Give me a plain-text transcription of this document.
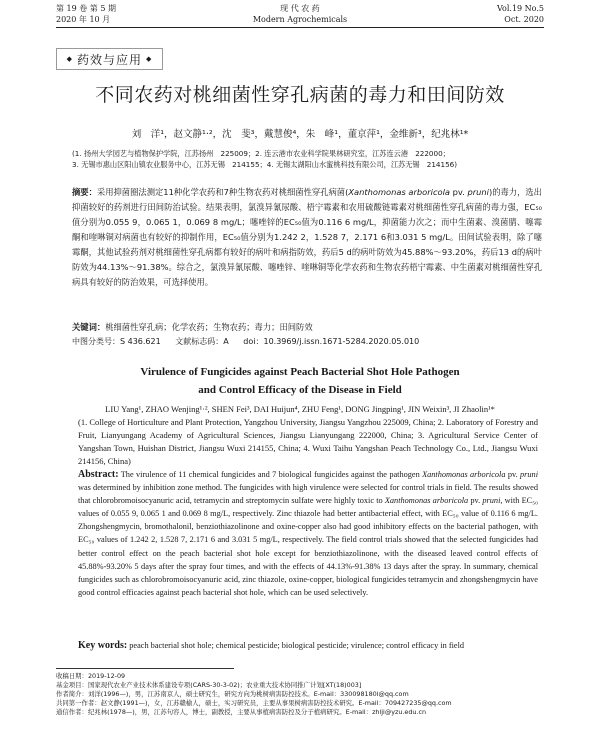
第 19 卷 第 5 期	现 代 农 药	Vol.19 No.5
2020 年 10 月	Modern Agrochemicals	Oct. 2020
◆ 药效与应用 ◆
不同农药对桃细菌性穿孔病菌的毒力和田间防效
刘　洋¹，赵文静¹·²，沈　斐³，戴慧俊⁴，朱　峰¹，董京萍¹，金维新³，纪兆林¹*
(1. 扬州大学园艺与植物保护学院，江苏扬州　225009；2. 连云港市农业科学院果林研究室，江苏连云港　222000；
3. 无锡市惠山区阳山镇农业服务中心，江苏无锡　214155；4. 无锡太湖阳山水蜜桃科技有限公司，江苏无锡　214156)

摘要：采用抑菌圈法测定11种化学农药和7种生物农药对桃细菌性穿孔病菌(Xanthomonas arboricola pv. pruni)的毒力，选出抑菌较好的药剂进行田间防治试验。结果表明，氯溴异氰尿酸、梧宁霉素和农用硫酸链霉素对桃细菌性穿孔病菌的毒力强，EC₅₀值分别为0.055 9，0.065 1，0.069 8 mg/L；噻唑锌的EC₅₀值为0.116 6 mg/L，抑菌能力次之；而中生菌素、溴菌腈、噻霉酮和喹啉铜对病菌也有较好的抑制作用，EC₅₀值分别为1.242 2，1.528 7，2.171 6和3.031 5 mg/L。田间试验表明，除了噻霉酮，其他试验药剂对桃细菌性穿孔病都有较好的病叶和病指防效，药后5 d的病叶防效为45.88%～93.20%，药后13 d的病叶防效为44.13%～91.38%。综合之，氯溴异氰尿酸、噻唑锌、喹啉铜等化学农药和生物农药梧宁霉素、中生菌素对桃细菌性穿孔病具有较好的防治效果，可选择使用。

关键词：桃细菌性穿孔病；化学农药；生物农药；毒力；田间防效
中图分类号：S 436.621 文献标志码：A doi：10.3969/j.issn.1671-5284.2020.05.010
Virulence of Fungicides against Peach Bacterial Shot Hole Pathogen
and Control Efficacy of the Disease in Field
LIU Yang¹, ZHAO Wenjing¹·², SHEN Fei³, DAI Huijun⁴, ZHU Feng¹, DONG Jingping¹, JIN Weixin³, JI Zhaolin¹*
(1. College of Horticulture and Plant Protection, Yangzhou University, Jiangsu Yangzhou 225009, China; 2. Laboratory of Forestry and Fruit, Lianyungang Academy of Agricultural Sciences, Jiangsu Lianyungang 222000, China; 3. Agricultural Service Center of Yangshan Town, Huishan District, Jiangsu Wuxi 214155, China; 4. Wuxi Taihu Yangshan Peach Technology Co., Ltd., Jiangsu Wuxi 214156, China)
Abstract: The virulence of 11 chemical fungicides and 7 biological fungicides against the pathogen Xanthomonas arboricola pv. pruni was determined by inhibition zone method. The fungicides with high virulence were selected for control trials in field. The results showed that chlorobromoisocyanuric acid, tetramycin and streptomycin sulfate were highly toxic to Xanthomonas arboricola pv. pruni, with EC₅₀ values of 0.055 9, 0.065 1 and 0.069 8 mg/L, respectively. Zinc thiazole had better antibacterial effect, with EC₅₀ value of 0.116 6 mg/L. Zhongshengmycin, bromothalonil, benziothiazolinone and oxine-copper also had good inhibitory effects on the bacterial pathogen, with EC₅₀ values of 1.242 2, 1.528 7, 2.171 6 and 3.031 5 mg/L, respectively. The field control trials showed that the selected fungicides had better control effect on the peach bacterial shot hole except for benziothiazolinone, with the diseased leaved control effects of 45.88%-93.20% 5 days after the spray four times, and with the effects of 44.13%-91.38% 13 days after the spray. In summary, chemical fungicides such as chlorobromoisocyanuric acid, zinc thiazole, oxine-copper, biological fungicides tetramycin and zhongshengmycin have good control efficacies against peach bacterial shot hole, which can be used selectively.
Key words: peach bacterial shot hole; chemical pesticide; biological pesticide; virulence; control efficacy in field
收稿日期：2019-12-09
基金项目：国家现代农业产业技术体系建设专项(CARS-30-3-02)；农业重大技术协同推广计划[XT(18)003]
作者简介：刘洋(1996—)，男，江苏南京人，硕士研究生，研究方向为桃树病害防控技术。E-mail：330098180l@qq.com
共同第一作者：赵文静(1991—)，女，江苏赣榆人，硕士，实习研究员，主要从事果树病害防控技术研究。E-mail：709427235@qq.com
通信作者：纪兆林(1978—)，男，江苏句容人，博士，副教授，主要从事植病害防控及分子植病研究。E-mail：zhlji@yzu.edu.cn
